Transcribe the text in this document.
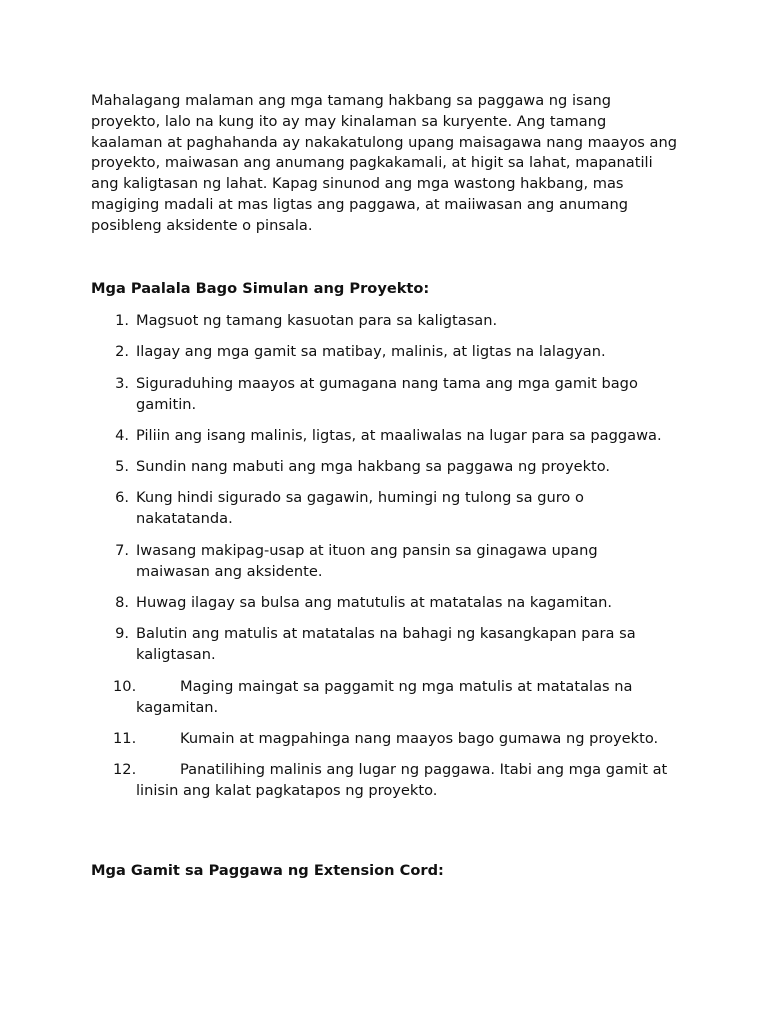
Mahalagang malaman ang mga tamang hakbang sa paggawa ng isang proyekto, lalo na kung ito ay may kinalaman sa kuryente. Ang tamang kaalaman at paghahanda ay nakakatulong upang maisagawa nang maayos ang proyekto, maiwasan ang anumang pagkakamali, at higit sa lahat, mapanatili ang kaligtasan ng lahat. Kapag sinunod ang mga wastong hakbang, mas magiging madali at mas ligtas ang paggawa, at maiiwasan ang anumang posibleng aksidente o pinsala.

Mga Paalala Bago Simulan ang Proyekto:
1. Magsuot ng tamang kasuotan para sa kaligtasan.
2. Ilagay ang mga gamit sa matibay, malinis, at ligtas na lalagyan.
3. Siguraduhing maayos at gumagana nang tama ang mga gamit bago gamitin.
4. Piliin ang isang malinis, ligtas, at maaliwalas na lugar para sa paggawa.
5. Sundin nang mabuti ang mga hakbang sa paggawa ng proyekto.
6. Kung hindi sigurado sa gagawin, humingi ng tulong sa guro o nakatatanda.
7. Iwasang makipag-usap at ituon ang pansin sa ginagawa upang maiwasan ang aksidente.
8. Huwag ilagay sa bulsa ang matutulis at matatalas na kagamitan.
9. Balutin ang matulis at matatalas na bahagi ng kasangkapan para sa kaligtasan.
10.	Maging maingat sa paggamit ng mga matulis at matatalas na kagamitan.
11.	Kumain at magpahinga nang maayos bago gumawa ng proyekto.
12.	Panatilihing malinis ang lugar ng paggawa. Itabi ang mga gamit at linisin ang kalat pagkatapos ng proyekto.
Mga Gamit sa Paggawa ng Extension Cord:
